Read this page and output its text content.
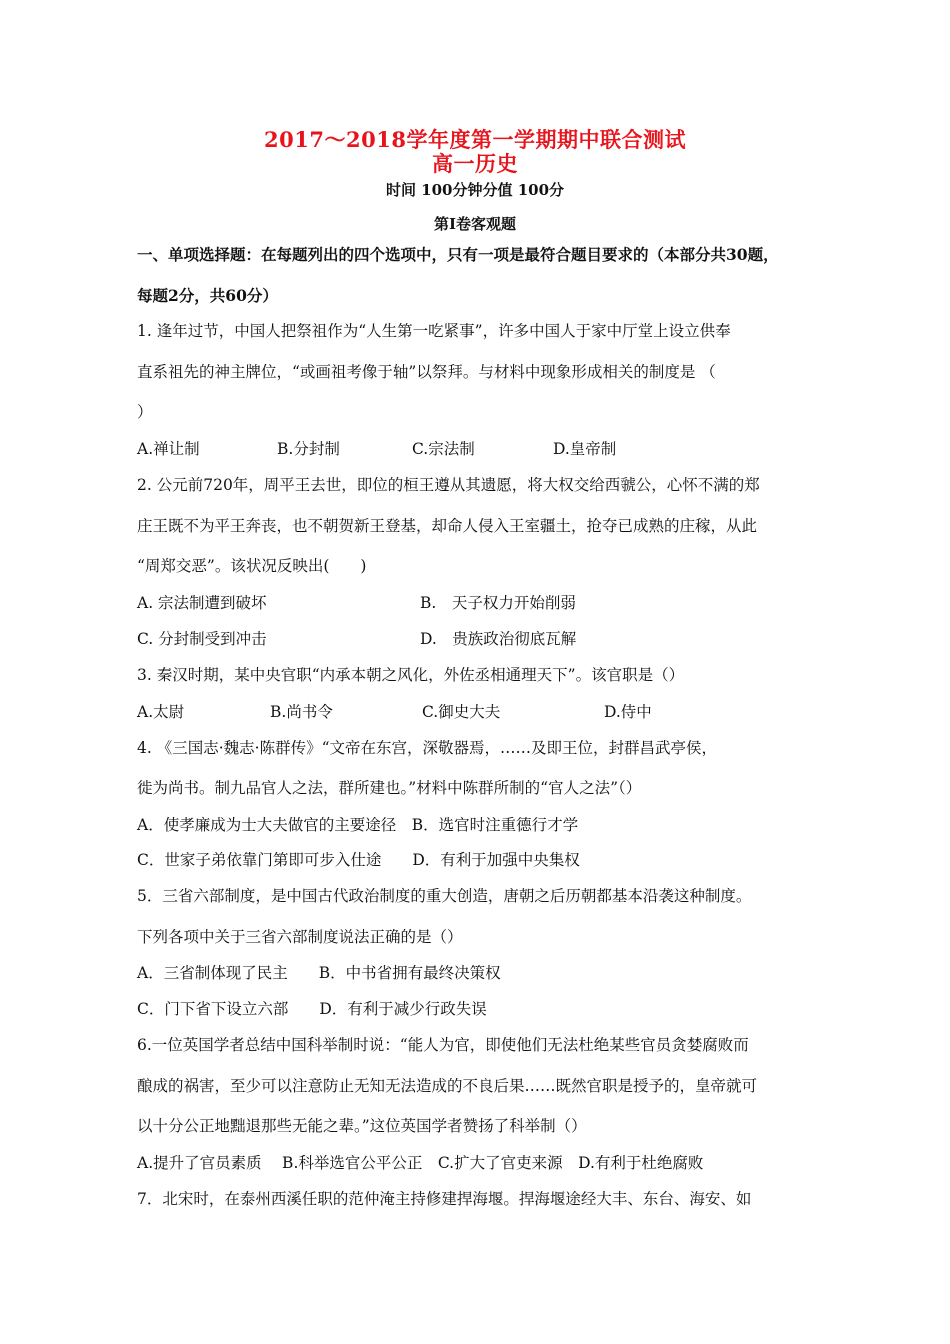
2017～2018学年度第一学期期中联合测试
高一历史
时间 100分钟分值 100分
第Ⅰ卷客观题
一、单项选择题：在每题列出的四个选项中，只有一项是最符合题目要求的（本部分共30题，
每题2分，共60分）
1. 逢年过节，中国人把祭祖作为“人生第一吃紧事”，许多中国人于家中厅堂上设立供奉
直系祖先的神主牌位，“或画祖考像于轴”以祭拜。与材料中现象形成相关的制度是 （
）
A.禅让制	B.分封制	C.宗法制	D.皇帝制
2. 公元前720年，周平王去世，即位的桓王遵从其遗愿，将大权交给西虢公，心怀不满的郑
庄王既不为平王奔丧，也不朝贺新王登基，却命人侵入王室疆土，抢夺已成熟的庄稼，从此
“周郑交恶”。该状况反映出(　　)
A. 宗法制遭到破坏	B.　天子权力开始削弱
C. 分封制受到冲击	D.　贵族政治彻底瓦解
3. 秦汉时期，某中央官职“内承本朝之风化，外佐丞相通理天下”。该官职是（）
A.太尉	B.尚书令	C.御史大夫	D.侍中
4. 《三国志·魏志·陈群传》“文帝在东宫，深敬器焉，……及即王位，封群昌武亭侯，
徙为尚书。制九品官人之法，群所建也。”材料中陈群所制的“官人之法”（）
A．使孝廉成为士大夫做官的主要途径　B．选官时注重德行才学
C．世家子弟依靠门第即可步入仕途　　D．有利于加强中央集权
5．三省六部制度，是中国古代政治制度的重大创造，唐朝之后历朝都基本沿袭这种制度。
下列各项中关于三省六部制度说法正确的是（）
A．三省制体现了民主　　B．中书省拥有最终决策权
C．门下省下设立六部　　D．有利于减少行政失误
6.一位英国学者总结中国科举制时说：“能人为官，即使他们无法杜绝某些官员贪婪腐败而
酿成的祸害，至少可以注意防止无知无法造成的不良后果……既然官职是授予的，皇帝就可
以十分公正地黜退那些无能之辈。”这位英国学者赞扬了科举制（）
A.提升了官员素质　 B.科举选官公平公正　C.扩大了官吏来源　D.有利于杜绝腐败
7．北宋时，在泰州西溪任职的范仲淹主持修建捍海堰。捍海堰途经大丰、东台、海安、如
